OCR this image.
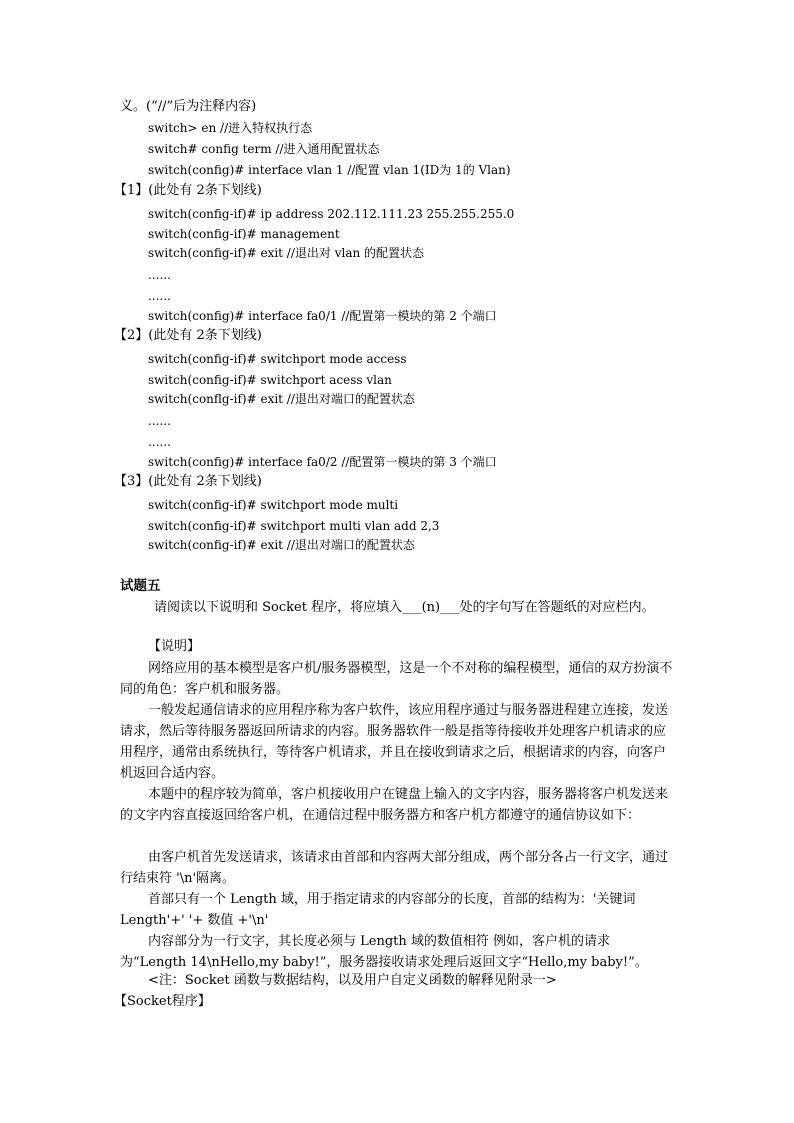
义。(“//”后为注释内容)
switch> en //进入特权执行态
switch# config term //进入通用配置状态
switch(config)# interface vlan 1 //配置 vlan 1(ID为 1的 Vlan)
【1】(此处有 2条下划线)
switch(config-if)# ip address 202.112.111.23 255.255.255.0
switch(config-if)# management
switch(config-if)# exit //退出对 vlan 的配置状态
......
......
switch(config)# interface fa0/1 //配置第一模块的第 2 个端口
【2】(此处有 2条下划线)
switch(config-if)# switchport mode access
switch(config-if)# switchport acess vlan
switch(conflg-if)# exit //退出对端口的配置状态
......
......
switch(config)# interface fa0/2 //配置第一模块的第 3 个端口
【3】(此处有 2条下划线)
switch(config-if)# switchport mode multi
switch(config-if)# switchport multi vlan add 2,3
switch(config-if)# exit //退出对端口的配置状态
试题五
请阅读以下说明和 Socket 程序，将应填入___(n)___处的字句写在答题纸的对应栏内。
【说明】
网络应用的基本模型是客户机/服务器模型，这是一个不对称的编程模型，通信的双方扮演不同的角色：客户机和服务器。
一般发起通信请求的应用程序称为客户软件，该应用程序通过与服务器进程建立连接，发送请求，然后等待服务器返回所请求的内容。服务器软件一般是指等待接收并处理客户机请求的应用程序，通常由系统执行，等待客户机请求，并且在接收到请求之后，根据请求的内容，向客户机返回合适内容。
本题中的程序较为简单，客户机接收用户在键盘上输入的文字内容，服务器将客户机发送来的文字内容直接返回给客户机，在通信过程中服务器方和客户机方都遵守的通信协议如下：
由客户机首先发送请求，该请求由首部和内容两大部分组成，两个部分各占一行文字，通过行结束符 '\n'隔离。
首部只有一个 Length 域，用于指定请求的内容部分的长度，首部的结构为：'关键词Length'+' '+ 数值 +'\n'
内容部分为一行文字，其长度必须与 Length 域的数值相符 例如，客户机的请求为“Length 14\nHello,my baby!”，服务器接收请求处理后返回文字“Hello,my baby!”。
<注：Socket 函数与数据结构，以及用户自定义函数的解释见附录一>
【Socket程序】
